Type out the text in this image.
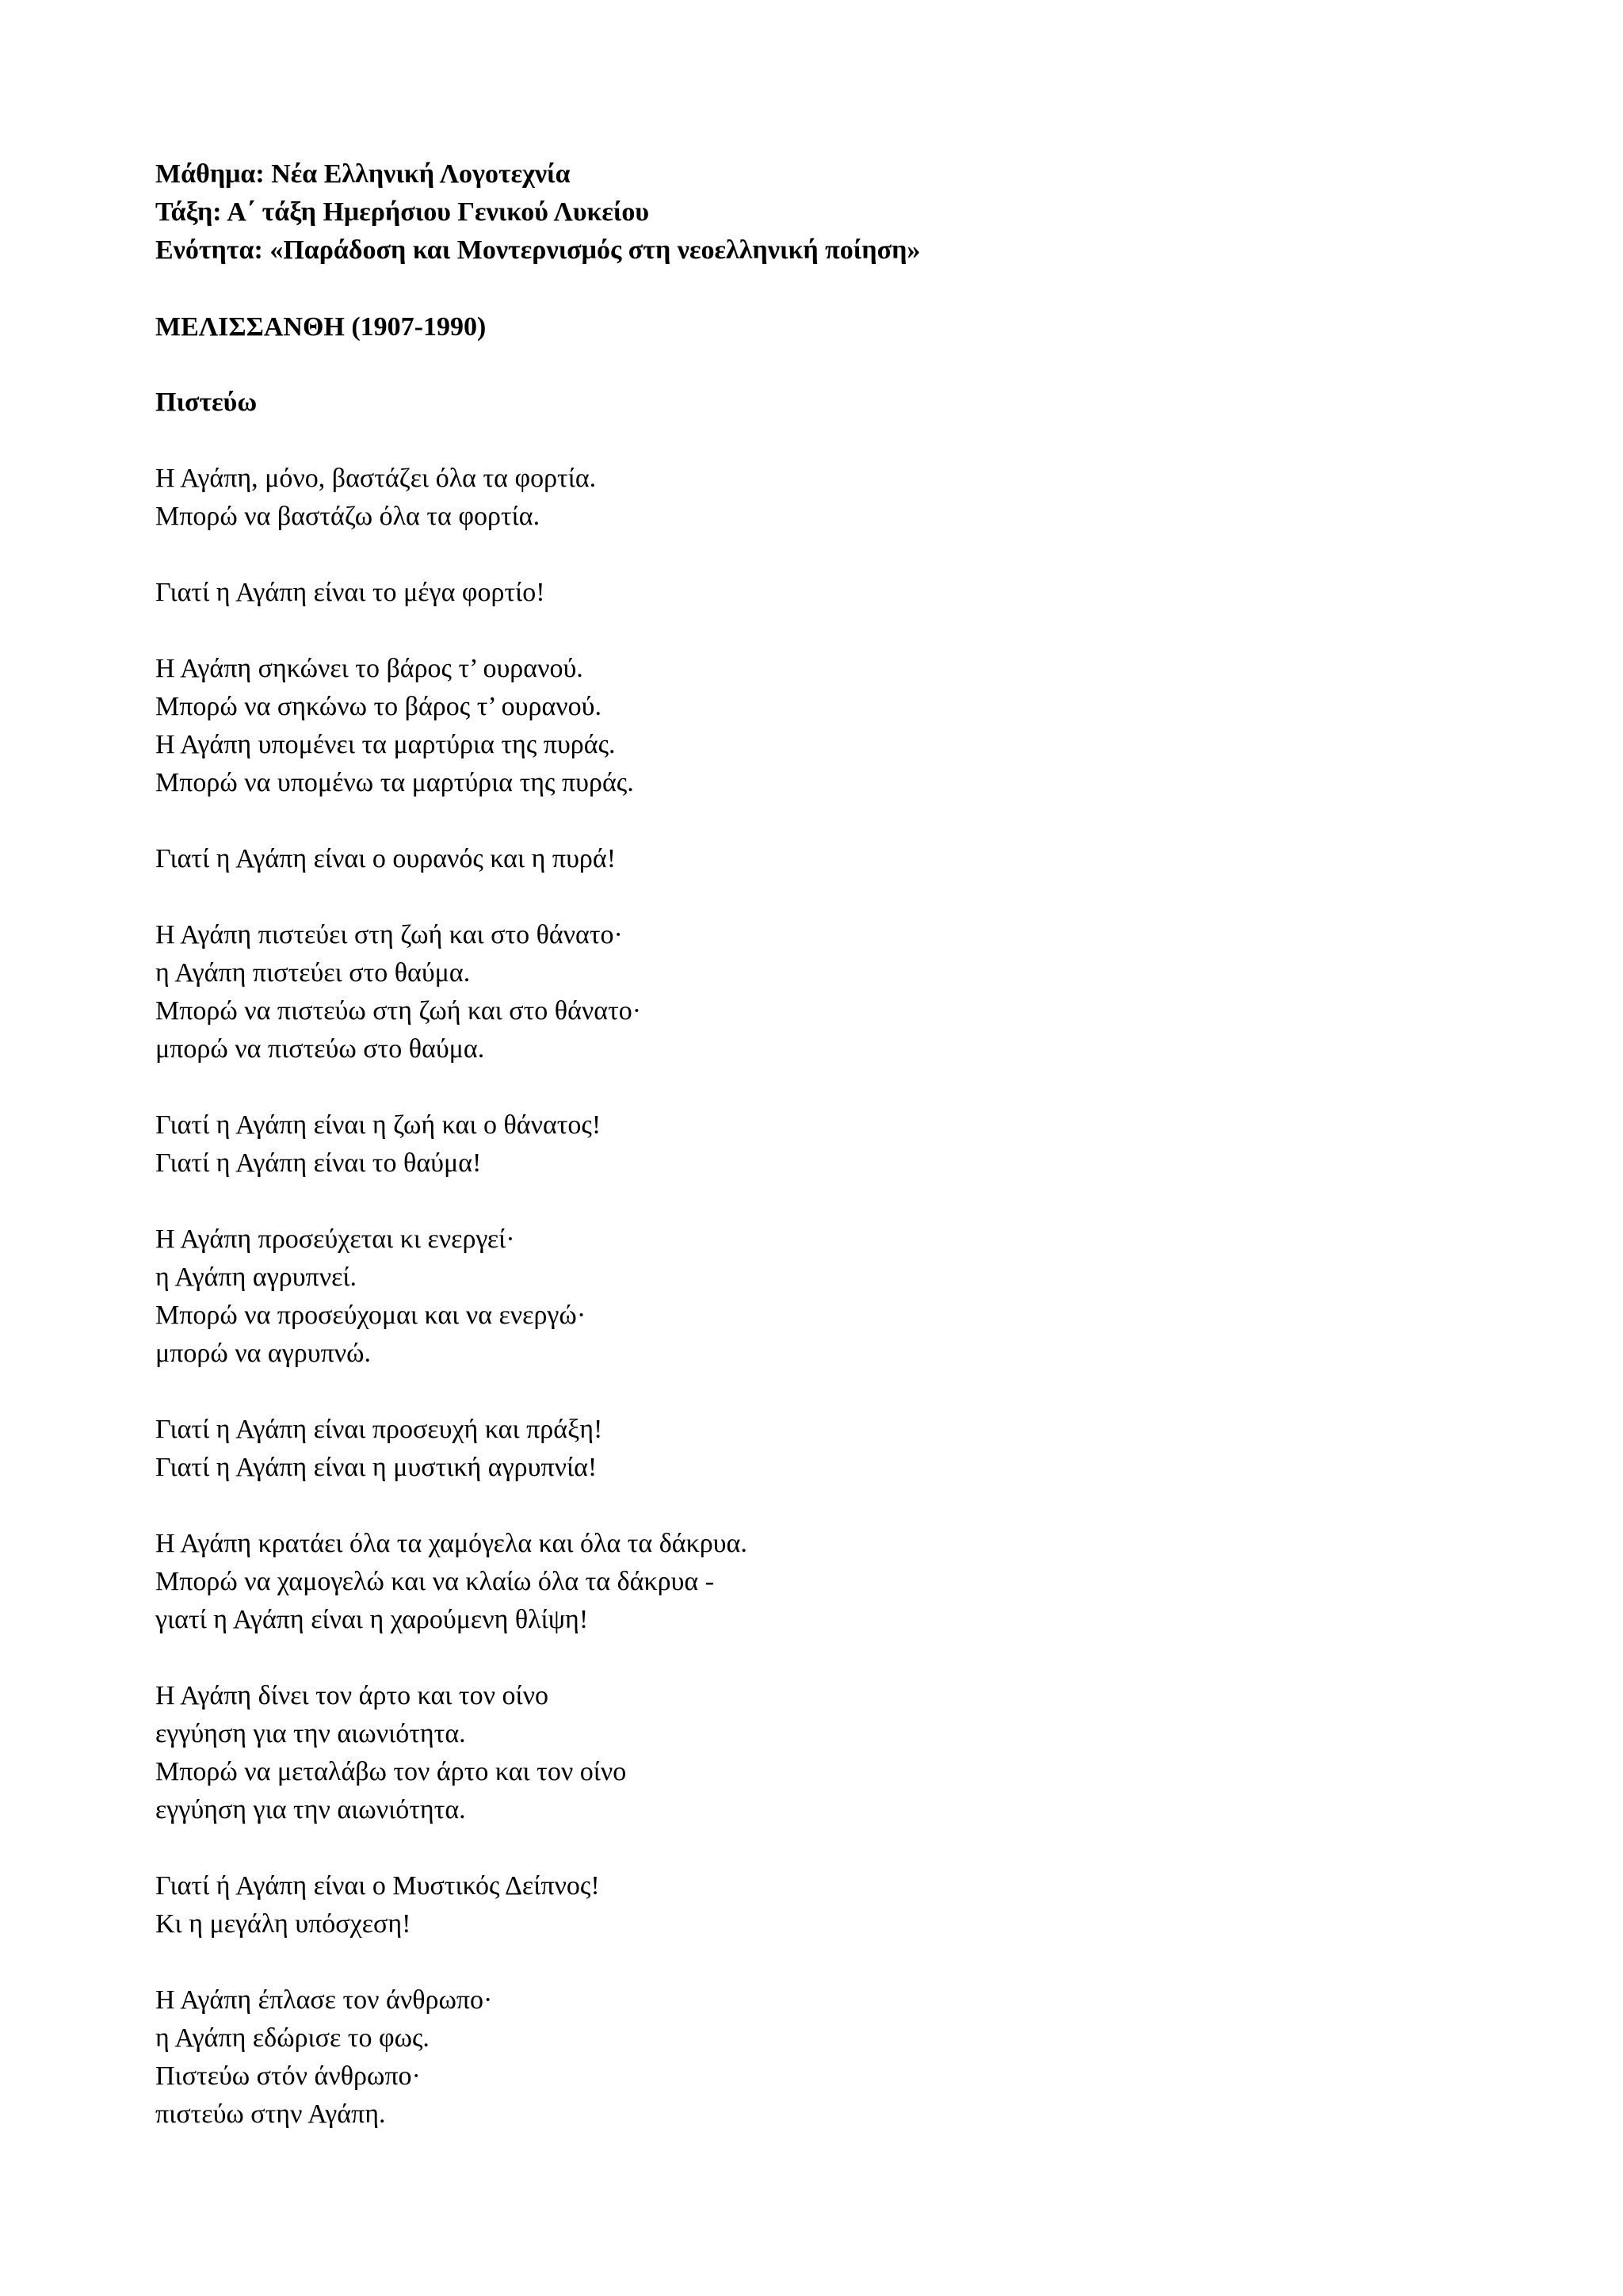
Μάθημα: Νέα Ελληνική Λογοτεχνία
Τάξη: Α΄ τάξη Ημερήσιου Γενικού Λυκείου
Ενότητα: «Παράδοση και Μοντερνισμός στη νεοελληνική ποίηση»
ΜΕΛΙΣΣΑΝΘΗ (1907-1990)
Πιστεύω
Η Αγάπη, μόνο, βαστάζει όλα τα φορτία.
Μπορώ να βαστάζω όλα τα φορτία.
Γιατί η Αγάπη είναι το μέγα φορτίο!
Η Αγάπη σηκώνει το βάρος τ’ ουρανού.
Μπορώ να σηκώνω το βάρος τ’ ουρανού.
Η Αγάπη υπομένει τα μαρτύρια της πυράς.
Μπορώ να υπομένω τα μαρτύρια της πυράς.
Γιατί η Αγάπη είναι ο ουρανός και η πυρά!
Η Αγάπη πιστεύει στη ζωή και στο θάνατο·
η Αγάπη πιστεύει στο θαύμα.
Μπορώ να πιστεύω στη ζωή και στο θάνατο·
μπορώ να πιστεύω στο θαύμα.
Γιατί η Αγάπη είναι η ζωή και ο θάνατος!
Γιατί η Αγάπη είναι το θαύμα!
Η Αγάπη προσεύχεται κι ενεργεί·
η Αγάπη αγρυπνεί.
Μπορώ να προσεύχομαι και να ενεργώ·
μπορώ να αγρυπνώ.
Γιατί η Αγάπη είναι προσευχή και πράξη!
Γιατί η Αγάπη είναι η μυστική αγρυπνία!
Η Αγάπη κρατάει όλα τα χαμόγελα και όλα τα δάκρυα.
Μπορώ να χαμογελώ και να κλαίω όλα τα δάκρυα -
γιατί η Αγάπη είναι η χαρούμενη θλίψη!
Η Αγάπη δίνει τον άρτο και τον οίνο
εγγύηση για την αιωνιότητα.
Μπορώ να μεταλάβω τον άρτο και τον οίνο
εγγύηση για την αιωνιότητα.
Γιατί ή Αγάπη είναι ο Μυστικός Δείπνος!
Κι η μεγάλη υπόσχεση!
Η Αγάπη έπλασε τον άνθρωπο·
η Αγάπη εδώρισε το φως.
Πιστεύω στόν άνθρωπο·
πιστεύω στην Αγάπη.
